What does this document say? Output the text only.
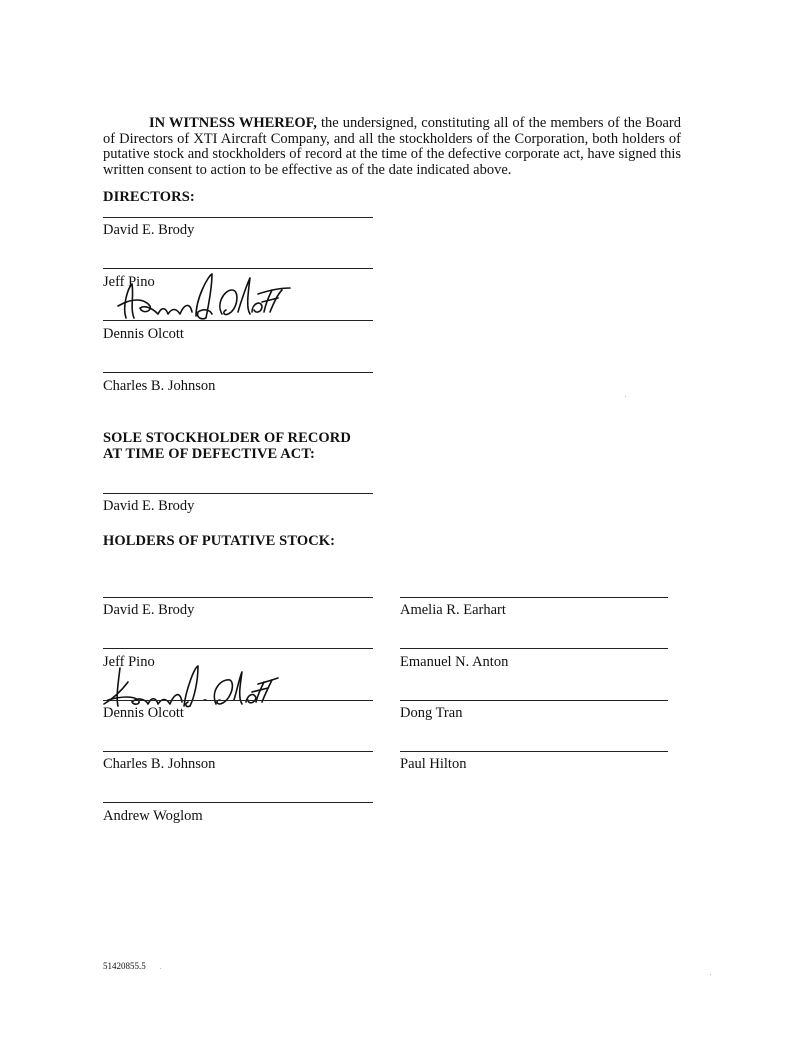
IN WITNESS WHEREOF, the undersigned, constituting all of the members of the Board of Directors of XTI Aircraft Company, and all the stockholders of the Corporation, both holders of putative stock and stockholders of record at the time of the defective corporate act, have signed this written consent to action to be effective as of the date indicated above.

DIRECTORS:
David E. Brody
Jeff Pino
Dennis Olcott
Charles B. Johnson
SOLE STOCKHOLDER OF RECORD
AT TIME OF DEFECTIVE ACT:
David E. Brody
HOLDERS OF PUTATIVE STOCK:
David E. Brody
Jeff Pino
Dennis Olcott
Charles B. Johnson
Andrew Woglom
Amelia R. Earhart
Emanuel N. Anton
Dong Tran
Paul Hilton
51420855.5
